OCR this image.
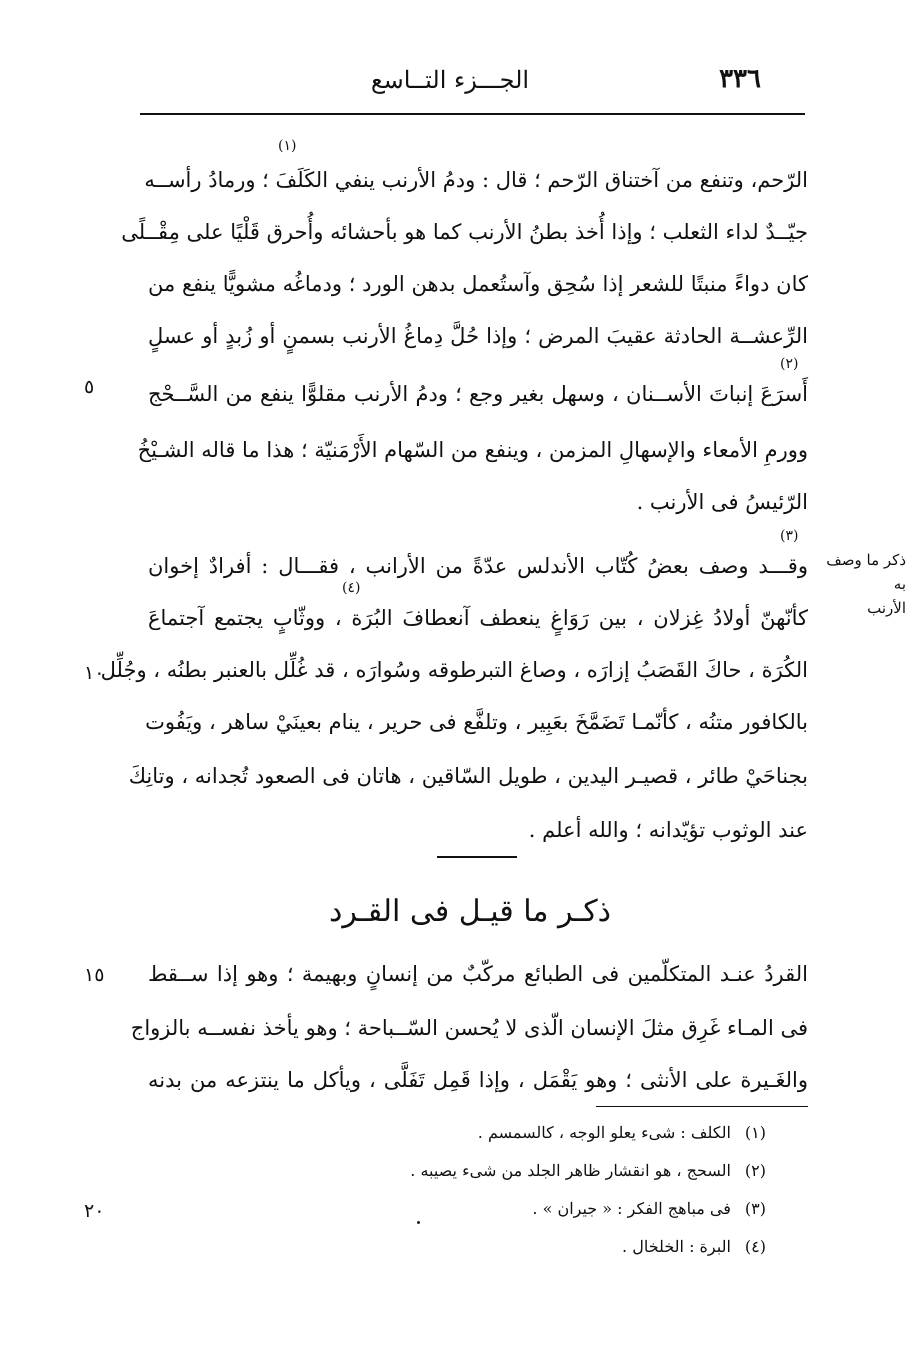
الجـــزء التــاسع	٣٣٦
الرّحم، وتنفع من آختناق الرّحم ؛ قال : ودمُ الأرنب ينفي الكَلَفَ ؛ ورمادُ رأســه
جيّــدٌ لداء الثعلب ؛ وإذا أُخذ بطنُ الأرنب كما هو بأحشائه وأُحرق قَلْيًا على مِقْــلًى
كان دواءً منبتًا للشعر إذا سُحِق وآستُعمل بدهن الورد ؛ ودماغُه مشويًّا ينفع من
الرِّعشــة الحادثة عقيبَ المرض ؛ وإذا حُلَّ دِماغُ الأرنب بسمنٍ أو زُبدٍ أو عسلٍ
أَسرَعَ إنباتَ الأســنان ، وسهل بغير وجع ؛ ودمُ الأرنب مقلوًّا ينفع من السَّــحْج
وورمِ الأمعاء والإسهالِ المزمن ، وينفع من السّهام الأَرْمَنيّة ؛ هذا ما قاله الشـيْخُ
الرّئيسُ فى الأرنب .
وقـــد وصف بعضُ كُتّاب الأندلس عدّةً من الأرانب ، فقـــال : أفرادٌ إخوان
كأنّهنّ أولادُ غِزلان ، بين رَوَاغٍ ينعطف آنعطافَ البُرَة ، ووثّابٍ يجتمع آجتماعَ
الكُرَة ، حاكَ القَصَبُ إزارَه ، وصاغ التبرطوقه وسُوارَه ، قد غُلِّل بالعنبر بطنُه ، وجُلِّل
بالكافور متنُه ، كأنّمـا تَضَمَّخَ بعَبِير ، وتلفَّع فى حرير ، ينام بعينَيْ ساهر ، ويَفُوت
بجناحَيْ طائر ، قصيـر اليدين ، طويل السّاقين ، هاتان فى الصعود تُجدانه ، وتانِكَ
عند الوثوب تؤيّدانه ؛ والله أعلم .
(١)
(٢)
(٣)
(٤)
٥
١٠
١٥
٢٠
ذكر ما وصف به
الأرنب
ذكـر ما قيـل فى القـرد
القردُ عنـد المتكلّمين فى الطبائع مركّبٌ من إنسانٍ وبهيمة ؛ وهو إذا ســقط
فى المـاء غَرِق مثلَ الإنسان الّذى لا يُحسن السّــباحة ؛ وهو يأخذ نفســه بالزواج
والغَـيرة على الأنثى ؛ وهو يَقْمَل ، وإذا قَمِل تَفَلَّى ، ويأكل ما ينتزعه من بدنه
(١)الكلف : شىء يعلو الوجه ، كالسمسم .
(٢)السحج ، هو انقشار ظاهر الجلد من شىء يصيبه .
(٣)فى مباهج الفكر : « جيران » .
(٤)البرة : الخلخال .
